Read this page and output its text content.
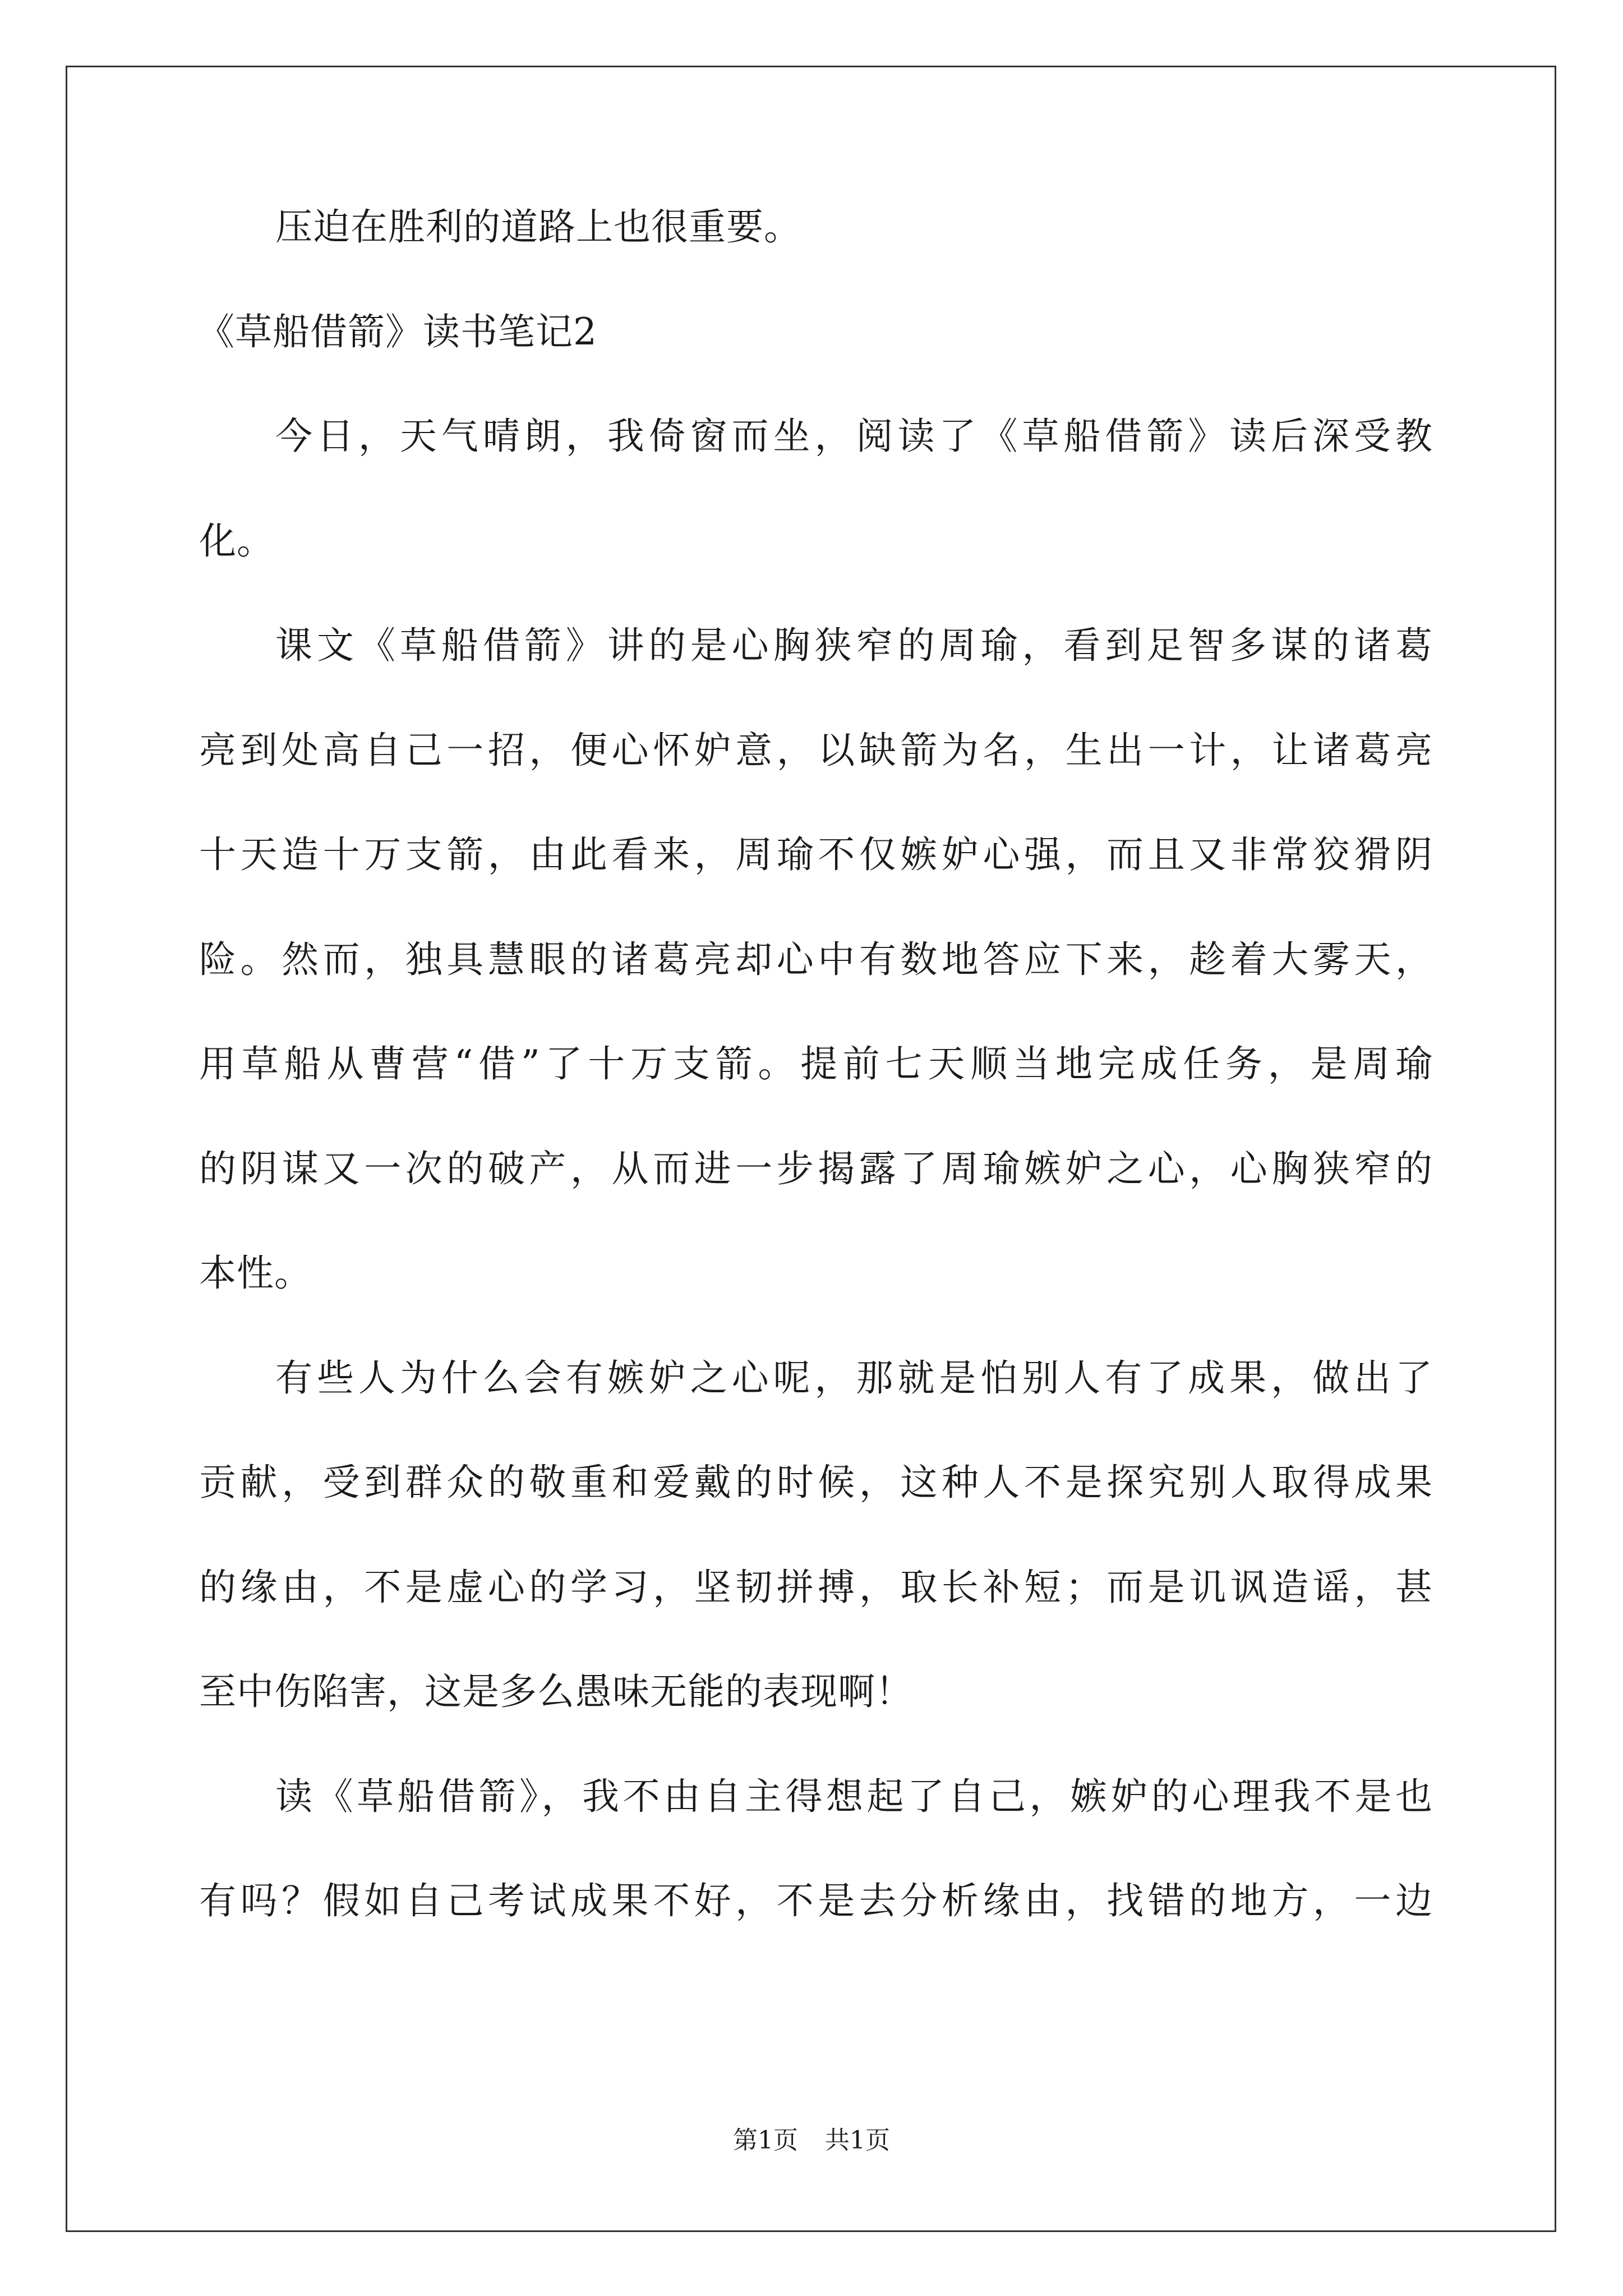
压迫在胜利的道路上也很重要。
《草船借箭》读书笔记2
今日，天气晴朗，我倚窗而坐，阅读了《草船借箭》读后深受教
化。
课文《草船借箭》讲的是心胸狭窄的周瑜，看到足智多谋的诸葛
亮到处高自己一招，便心怀妒意，以缺箭为名，生出一计，让诸葛亮
十天造十万支箭，由此看来，周瑜不仅嫉妒心强，而且又非常狡猾阴
险。然而，独具慧眼的诸葛亮却心中有数地答应下来，趁着大雾天，
用草船从曹营“借”了十万支箭。提前七天顺当地完成任务，是周瑜
的阴谋又一次的破产，从而进一步揭露了周瑜嫉妒之心，心胸狭窄的
本性。
有些人为什么会有嫉妒之心呢，那就是怕别人有了成果，做出了
贡献，受到群众的敬重和爱戴的时候，这种人不是探究别人取得成果
的缘由，不是虚心的学习，坚韧拼搏，取长补短；而是讥讽造谣，甚
至中伤陷害，这是多么愚味无能的表现啊！
读《草船借箭》，我不由自主得想起了自己，嫉妒的心理我不是也
有吗？假如自己考试成果不好，不是去分析缘由，找错的地方，一边
第1页 共1页
